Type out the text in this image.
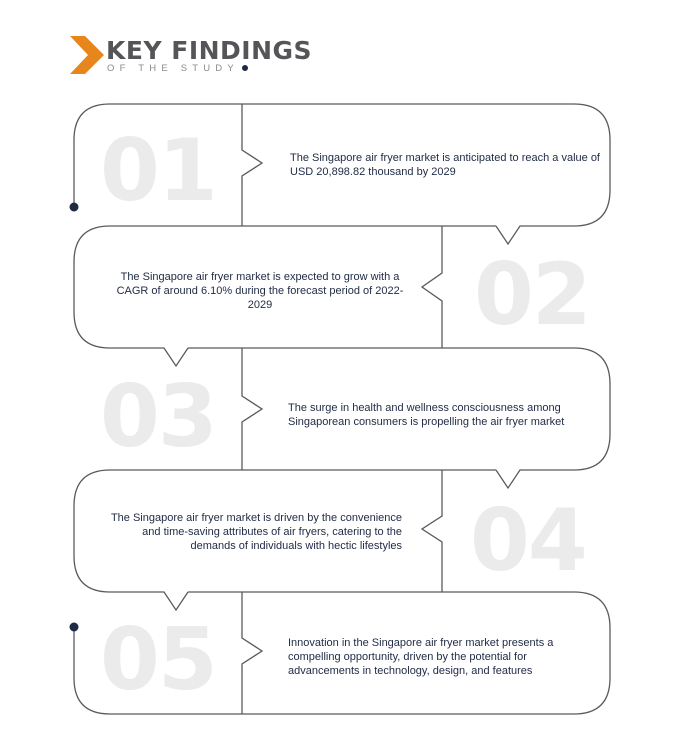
KEY FINDINGS
OF THE STUDY
01
02
03
04
05
The Singapore air fryer market is anticipated to reach a value of USD 20,898.82 thousand by 2029
The Singapore air fryer market is expected to grow with a CAGR of around 6.10% during the forecast period of 2022-2029
The surge in health and wellness consciousness among Singaporean consumers is propelling the air fryer market
The Singapore air fryer market is driven by the convenience and time-saving attributes of air fryers, catering to the demands of individuals with hectic lifestyles
Innovation in the Singapore air fryer market presents a compelling opportunity, driven by the potential for advancements in technology, design, and features
